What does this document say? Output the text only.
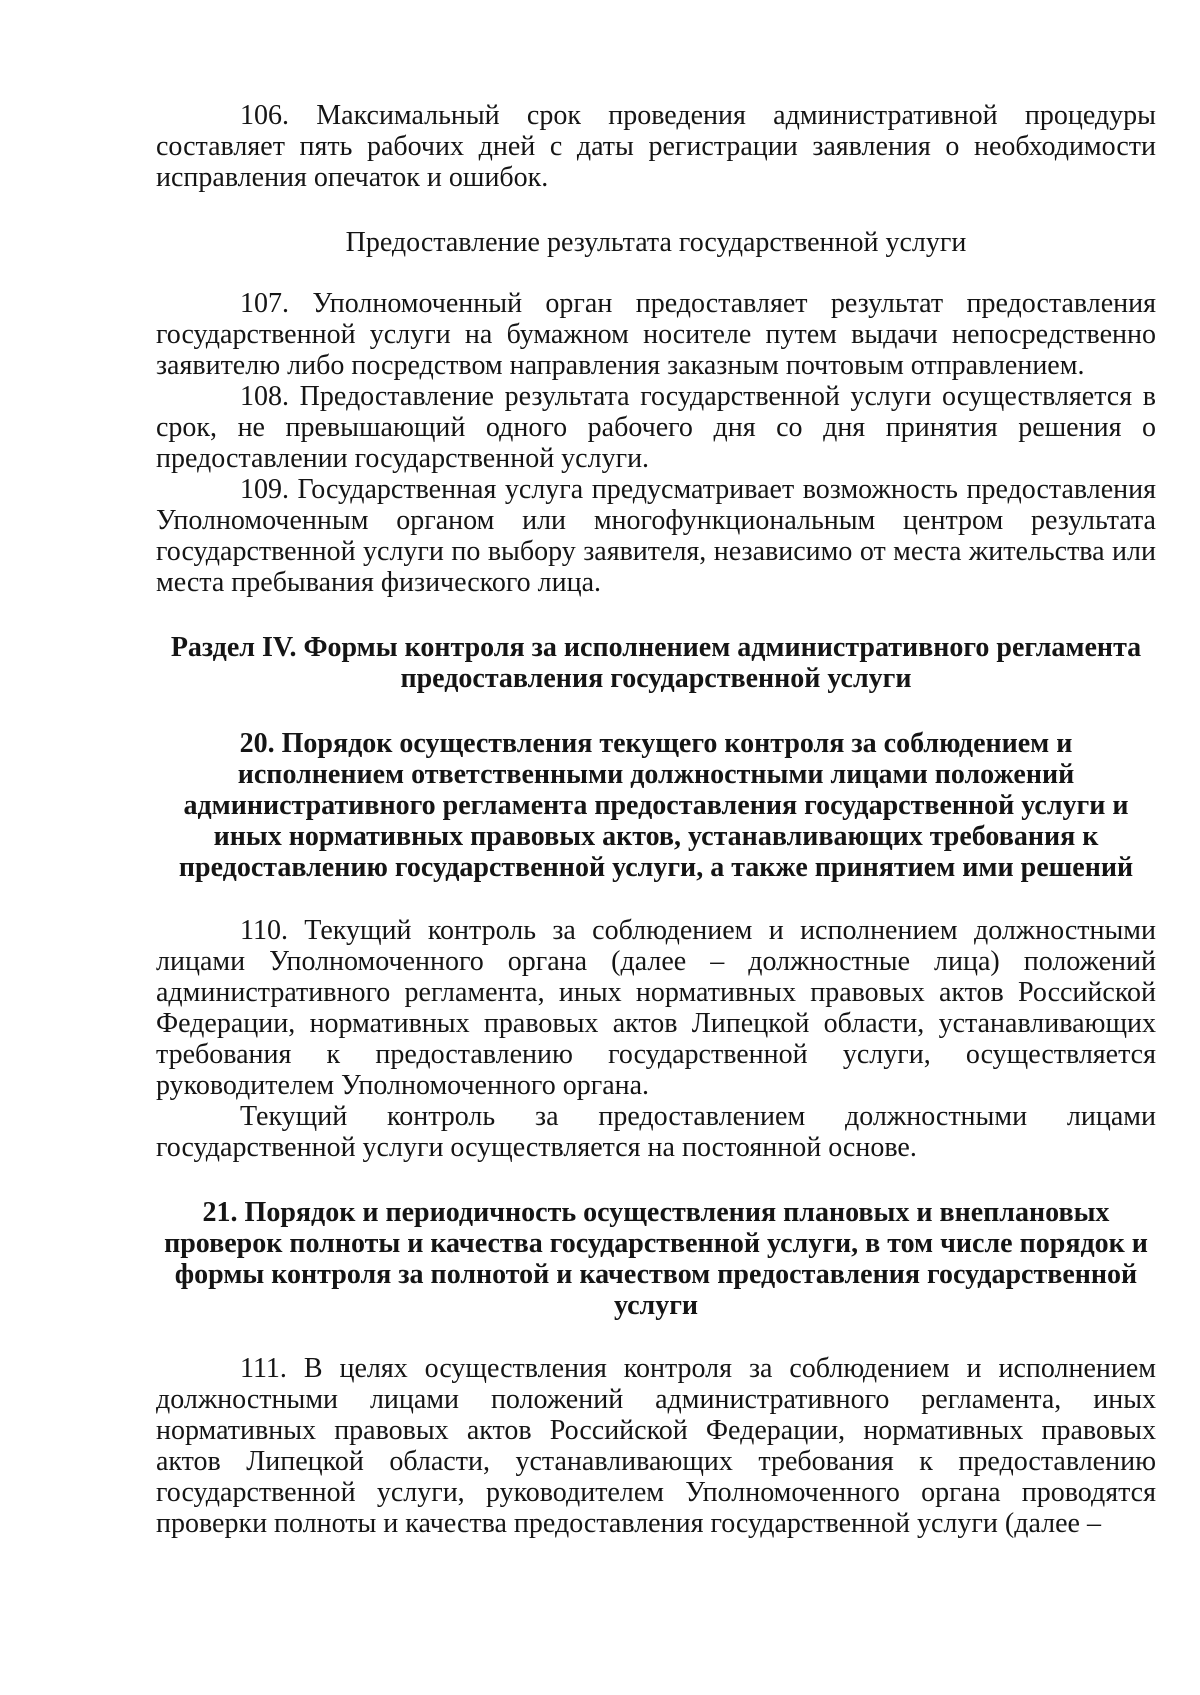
106. Максимальный срок проведения административной процедуры составляет пять рабочих дней с даты регистрации заявления о необходимости исправления опечаток и ошибок.

Предоставление результата государственной услуги

107. Уполномоченный орган предоставляет результат предоставления государственной услуги на бумажном носителе путем выдачи непосредственно заявителю либо посредством направления заказным почтовым отправлением.

108. Предоставление результата государственной услуги осуществляется в срок, не превышающий одного рабочего дня со дня принятия решения о предоставлении государственной услуги.

109. Государственная услуга предусматривает возможность предоставления Уполномоченным органом или многофункциональным центром результата государственной услуги по выбору заявителя, независимо от места жительства или места пребывания физического лица.

Раздел IV. Формы контроля за исполнением административного регламента предоставления государственной услуги

20. Порядок осуществления текущего контроля за соблюдением и исполнением ответственными должностными лицами положений административного регламента предоставления государственной услуги и иных нормативных правовых актов, устанавливающих требования к предоставлению государственной услуги, а также принятием ими решений

110. Текущий контроль за соблюдением и исполнением должностными лицами Уполномоченного органа (далее – должностные лица) положений административного регламента, иных нормативных правовых актов Российской Федерации, нормативных правовых актов Липецкой области, устанавливающих требования к предоставлению государственной услуги, осуществляется руководителем Уполномоченного органа.

Текущий контроль за предоставлением должностными лицами государственной услуги осуществляется на постоянной основе.

21. Порядок и периодичность осуществления плановых и внеплановых проверок полноты и качества государственной услуги, в том числе порядок и формы контроля за полнотой и качеством предоставления государственной услуги

111. В целях осуществления контроля за соблюдением и исполнением должностными лицами положений административного регламента, иных нормативных правовых актов Российской Федерации, нормативных правовых актов Липецкой области, устанавливающих требования к предоставлению государственной услуги, руководителем Уполномоченного органа проводятся проверки полноты и качества предоставления государственной услуги (далее –
